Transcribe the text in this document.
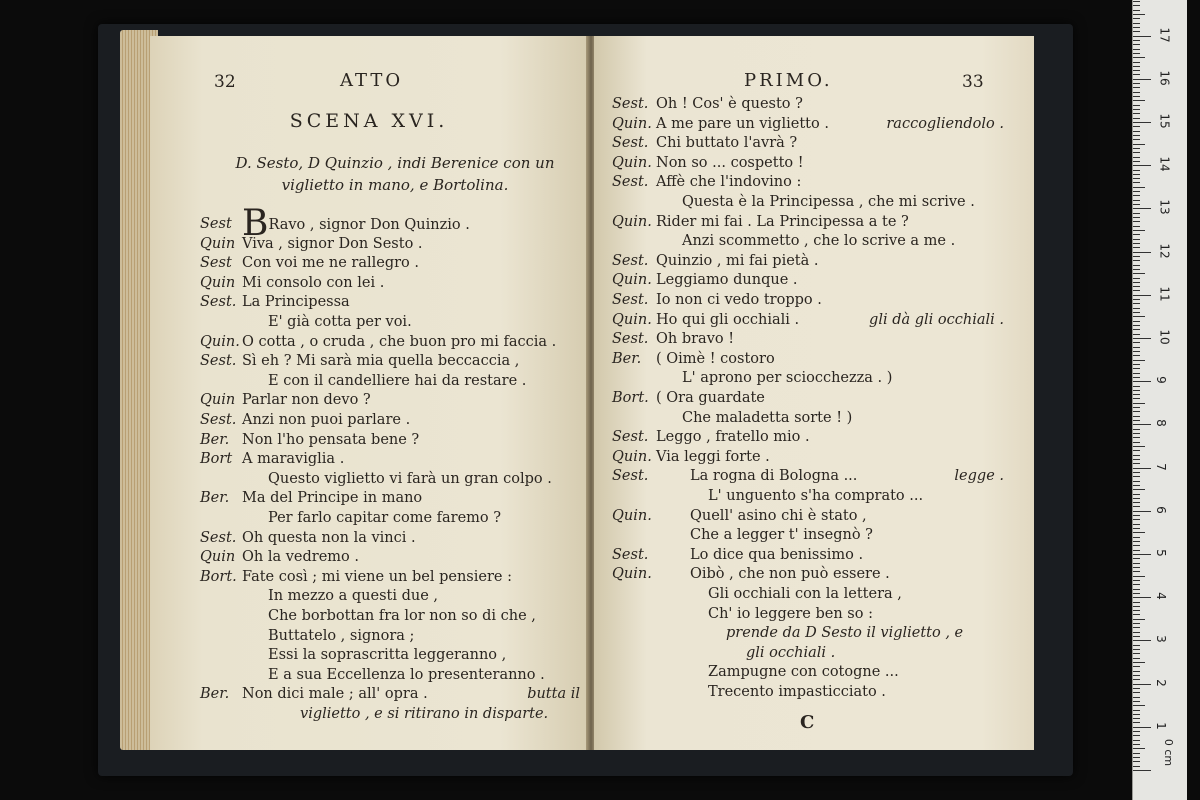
32	ATTO
SCENA XVI.
D. Sesto, D Quinzio , indi Berenice con un viglietto in mano, e Bortolina.
Sest BRavo , signor Don Quinzio .
Quin Viva , signor Don Sesto .
Sest Con voi me ne rallegro .
Quin Mi consolo con lei .
Sest. La Principessa
E' già cotta per voi.
Quin. O cotta , o cruda , che buon pro mi faccia .
Sest. Sì eh ? Mi sarà mia quella beccaccia ,
E con il candelliere hai da restare .
Quin Parlar non devo ?
Sest. Anzi non puoi parlare .
Ber. Non l'ho pensata bene ?
Bort A maraviglia .
Questo viglietto vi farà un gran colpo .
Ber. Ma del Principe in mano
Per farlo capitar come faremo ?
Sest. Oh questa non la vinci .
Quin Oh la vedremo .
Bort. Fate così ; mi viene un bel pensiere :
In mezzo a questi due ,
Che borbottan fra lor non so di che ,
Buttatelo , signora ;
Essi la soprascritta leggeranno ,
E a sua Eccellenza lo presenteranno .
Ber. Non dici male ; all' opra .	butta il
viglietto , e si ritirano in disparte.
PRIMO.	33
Sest. Oh ! Cos' è questo ?
Quin. A me pare un viglietto .	raccogliendolo .
Sest. Chi buttato l'avrà ?
Quin. Non so ... cospetto !
Sest. Affè che l'indovino :
Questa è la Principessa , che mi scrive .
Quin. Rider mi fai . La Principessa a te ?
Anzi scommetto , che lo scrive a me .
Sest. Quinzio , mi fai pietà .
Quin. Leggiamo dunque .
Sest. Io non ci vedo troppo .
Quin. Ho qui gli occhiali .	gli dà gli occhiali .
Sest. Oh bravo !
Ber. ( Oimè ! costoro
L' aprono per sciocchezza . )
Bort. ( Ora guardate
Che maladetta sorte ! )
Sest. Leggo , fratello mio .
Quin. Via leggi forte .
Sest.	La rogna di Bologna ...	legge .
L' unguento s'ha comprato ...
Quin.	Quell' asino chi è stato ,
Che a legger t' insegnò ?
Sest.	Lo dice qua benissimo .
Quin.	Oibò , che non può essere .
Gli occhiali con la lettera ,
Ch' io leggere ben so :
prende da D Sesto il viglietto , e
gli occhiali .
Zampugne con cotogne ...
Trecento impasticciato .
C
0 cm
1
2
3
4
5
6
7
8
9
10
11
12
13
14
15
16
17
